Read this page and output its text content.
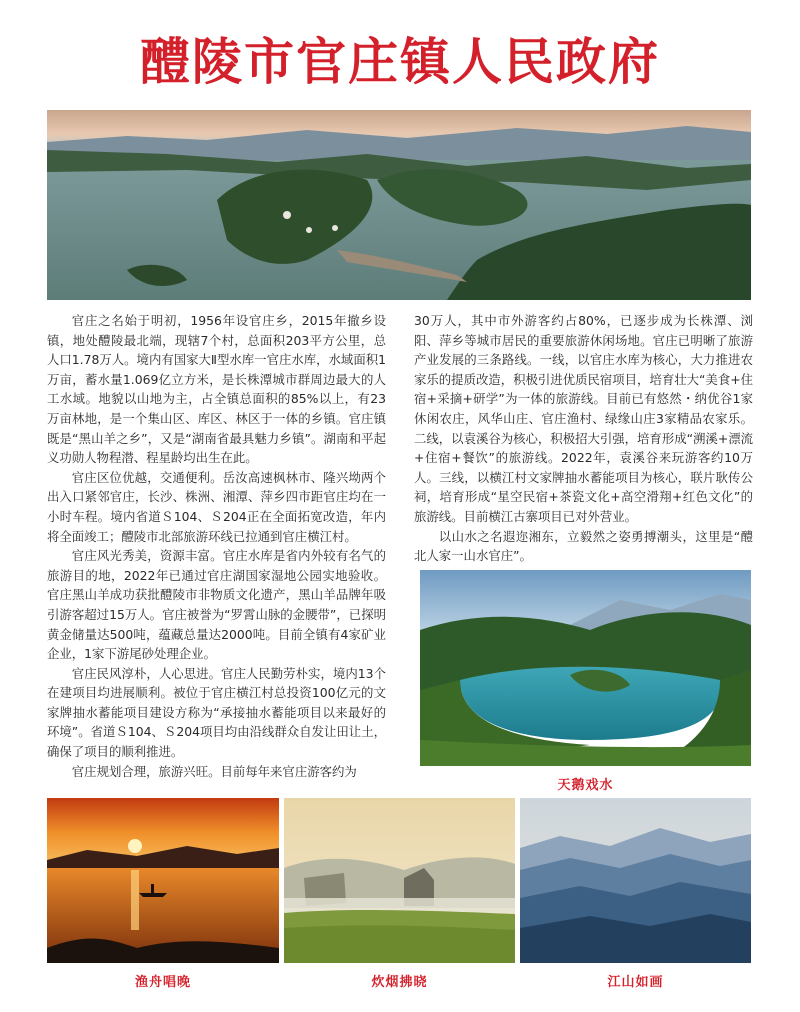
醴陵市官庄镇人民政府

官庄之名始于明初，1956年设官庄乡，2015年撤乡设镇，地处醴陵最北端，现辖7个村，总面积203平方公里，总人口1.78万人。境内有国家大Ⅱ型水库一官庄水库，水域面积1万亩，蓄水量1.069亿立方米，是长株潭城市群周边最大的人工水域。地貌以山地为主，占全镇总面积的85%以上，有23万亩林地，是一个集山区、库区、林区于一体的乡镇。官庄镇既是“黑山羊之乡”，又是“湖南省最具魅力乡镇”。湖南和平起义功勋人物程潜、程星龄均出生在此。

官庄区位优越，交通便利。岳汝高速枫林市、隆兴坳两个出入口紧邻官庄，长沙、株洲、湘潭、萍乡四市距官庄均在一小时车程。境内省道Ｓ104、Ｓ204正在全面拓宽改造，年内将全面竣工；醴陵市北部旅游环线已拉通到官庄横江村。

官庄风光秀美，资源丰富。官庄水库是省内外较有名气的旅游目的地，2022年已通过官庄湖国家湿地公园实地验收。官庄黑山羊成功获批醴陵市非物质文化遗产，黑山羊品牌年吸引游客超过15万人。官庄被誉为“罗霄山脉的金腰带”，已探明黄金储量达500吨，蕴藏总量达2000吨。目前全镇有4家矿业企业，1家下游尾砂处理企业。

官庄民风淳朴，人心思进。官庄人民勤劳朴实，境内13个在建项目均进展顺利。被位于官庄横江村总投资100亿元的文家牌抽水蓄能项目建设方称为“承接抽水蓄能项目以来最好的环境”。省道Ｓ104、Ｓ204项目均由沿线群众自发让田让土，确保了项目的顺利推进。

官庄规划合理，旅游兴旺。目前每年来官庄游客约为

30万人，其中市外游客约占80%，已逐步成为长株潭、浏阳、萍乡等城市居民的重要旅游休闲场地。官庄已明晰了旅游产业发展的三条路线。一线，以官庄水库为核心，大力推进农家乐的提质改造，积极引进优质民宿项目，培育壮大“美食+住宿+采摘+研学”为一体的旅游线。目前已有悠然・纳优谷1家休闲农庄，风华山庄、官庄渔村、绿缘山庄3家精品农家乐。二线，以袁溪谷为核心，积极招大引强，培育形成“溯溪+漂流+住宿+餐饮”的旅游线。2022年，袁溪谷来玩游客约10万人。三线，以横江村文家牌抽水蓄能项目为核心，联片耿传公祠，培育形成“星空民宿+茶瓷文化+高空滑翔+红色文化”的旅游线。目前横江古寨项目已对外营业。

以山水之名遐迩湘东，立毅然之姿勇搏潮头，这里是“醴北人家一山水官庄”。

天鹅戏水
渔舟唱晚	炊烟拂晓	江山如画
